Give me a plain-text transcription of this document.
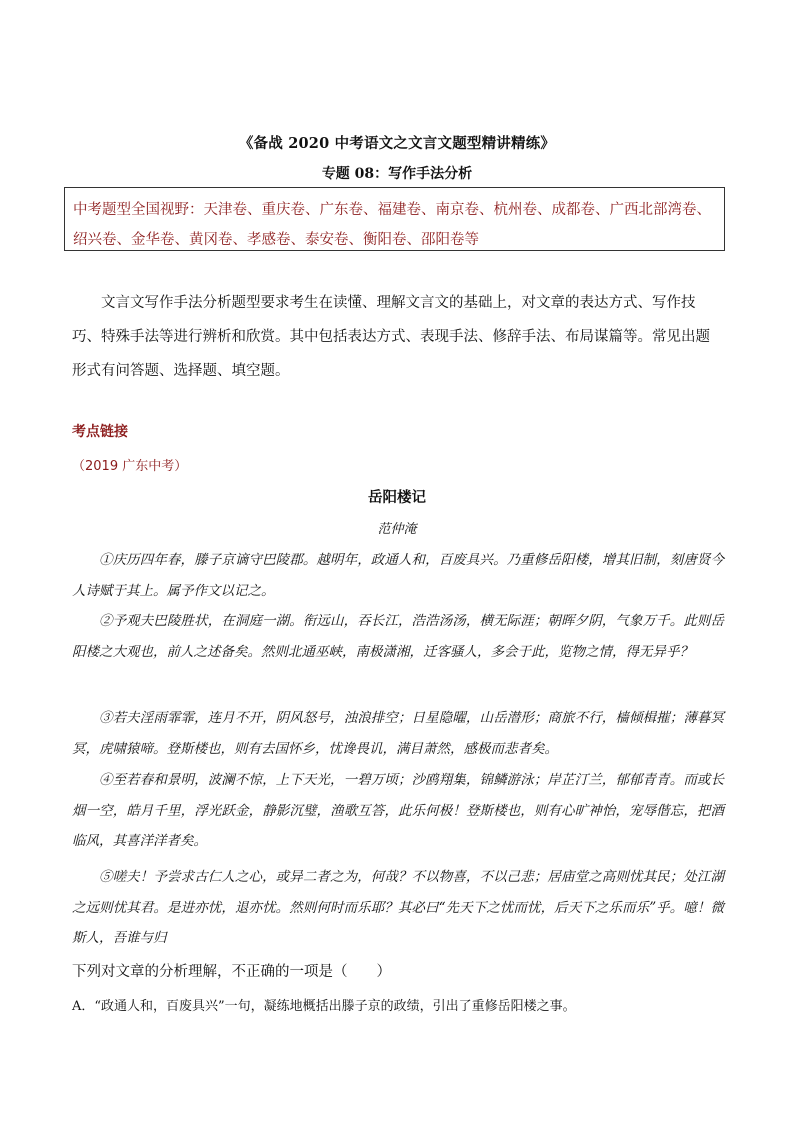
《备战 2020 中考语文之文言文题型精讲精练》
专题 08：写作手法分析
中考题型全国视野：天津卷、重庆卷、广东卷、福建卷、南京卷、杭州卷、成都卷、广西北部湾卷、绍兴卷、金华卷、黄冈卷、孝感卷、泰安卷、衡阳卷、邵阳卷等
文言文写作手法分析题型要求考生在读懂、理解文言文的基础上，对文章的表达方式、写作技巧、特殊手法等进行辨析和欣赏。其中包括表达方式、表现手法、修辞手法、布局谋篇等。常见出题形式有问答题、选择题、填空题。
考点链接
（2019 广东中考）
岳阳楼记
范仲淹
①庆历四年春，滕子京谪守巴陵郡。越明年，政通人和，百废具兴。乃重修岳阳楼，增其旧制，刻唐贤今人诗赋于其上。属予作文以记之。
②予观夫巴陵胜状，在洞庭一湖。衔远山，吞长江，浩浩汤汤，横无际涯；朝晖夕阴，气象万千。此则岳阳楼之大观也，前人之述备矣。然则北通巫峡，南极潇湘，迁客骚人，多会于此，览物之情，得无异乎？
③若夫淫雨霏霏，连月不开，阴风怒号，浊浪排空；日星隐曜，山岳潜形；商旅不行，樯倾楫摧；薄暮冥冥，虎啸猿啼。登斯楼也，则有去国怀乡，忧谗畏讥，满目萧然，感极而悲者矣。
④至若春和景明，波澜不惊，上下天光，一碧万顷；沙鸥翔集，锦鳞游泳；岸芷汀兰，郁郁青青。而或长烟一空，皓月千里，浮光跃金，静影沉璧，渔歌互答，此乐何极！登斯楼也，则有心旷神怡，宠辱偕忘，把酒临风，其喜洋洋者矣。
⑤嗟夫！予尝求古仁人之心，或异二者之为，何哉？不以物喜，不以己悲；居庙堂之高则忧其民；处江湖之远则忧其君。是进亦忧，退亦忧。然则何时而乐耶？其必曰“先天下之忧而忧，后天下之乐而乐”乎。噫！微斯人，吾谁与归
下列对文章的分析理解，不正确的一项是（　　）
A．“政通人和，百废具兴”一句，凝练地概括出滕子京的政绩，引出了重修岳阳楼之事。
